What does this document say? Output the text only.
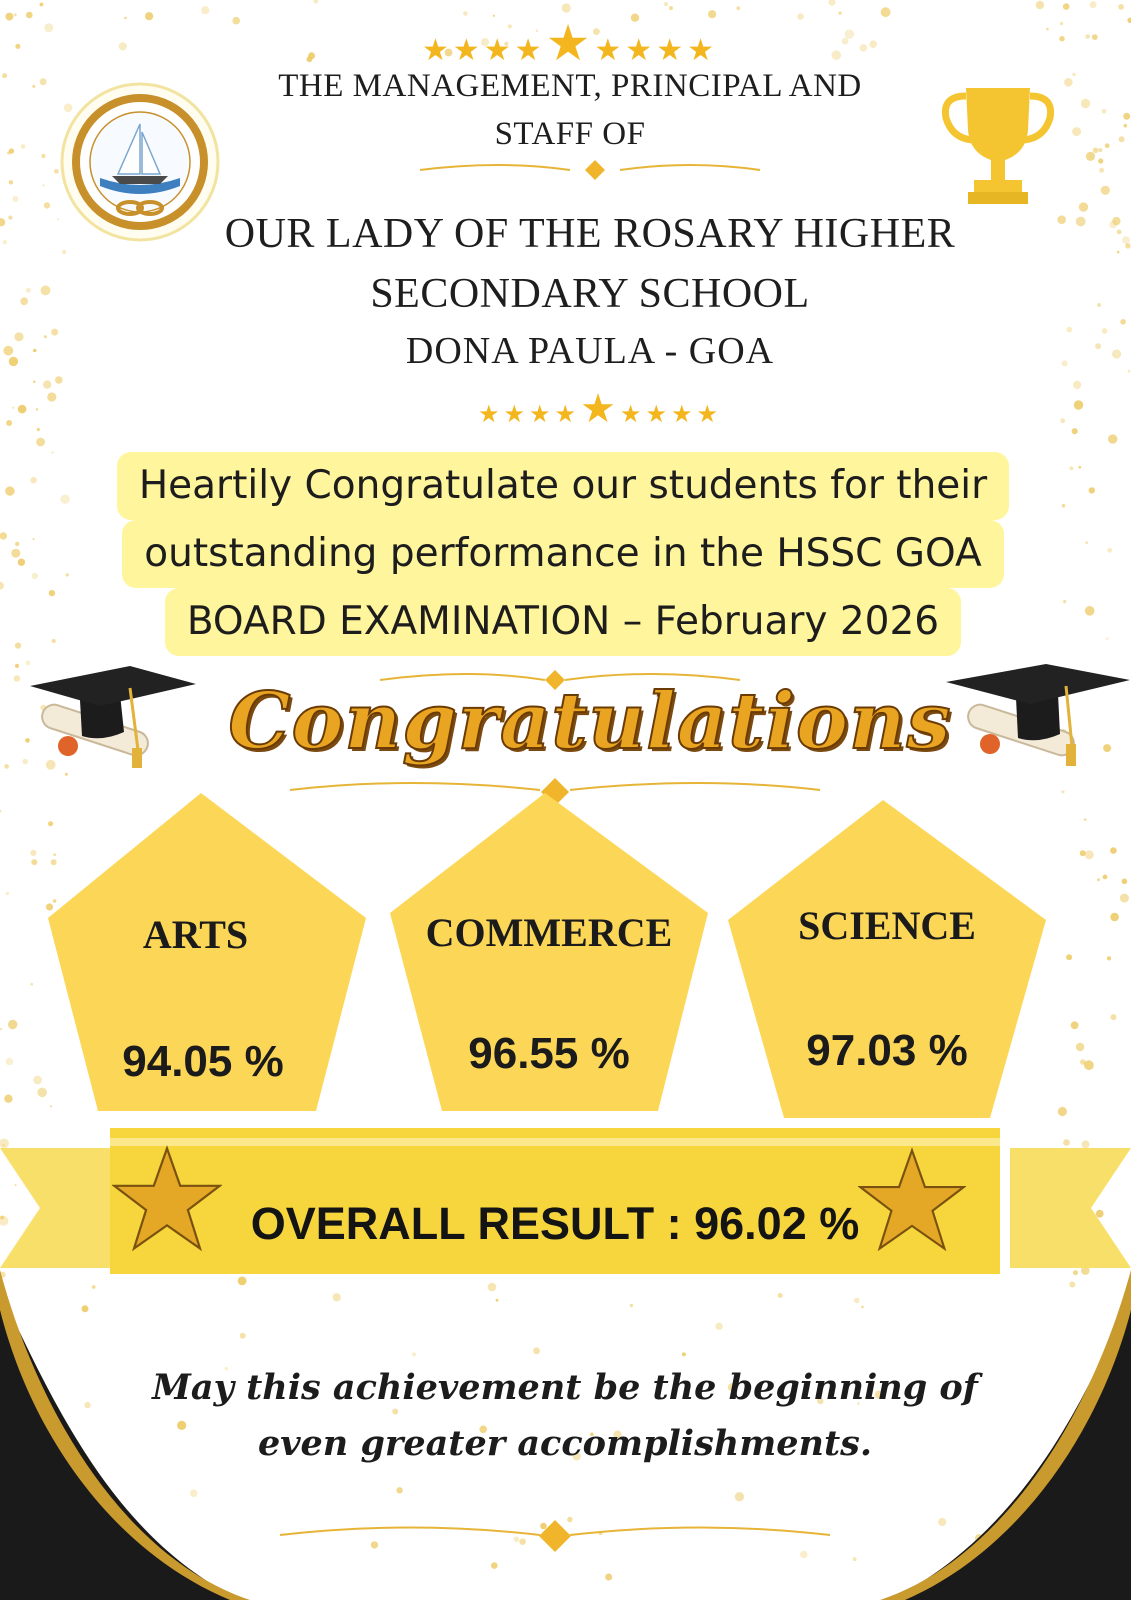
★★★★★★★★★
★★★★★★★★★
THE MANAGEMENT, PRINCIPAL AND
STAFF OF
OUR LADY OF THE ROSARY HIGHER
SECONDARY SCHOOL
DONA PAULA - GOA
Heartily Congratulate our students for their
outstanding performance in the HSSC GOA
BOARD EXAMINATION – February 2026
Congratulations
ARTS
94.05 %
COMMERCE
96.55 %
SCIENCE
97.03 %
OVERALL RESULT : 96.02 %
May this achievement be the beginning of
even greater accomplishments.
